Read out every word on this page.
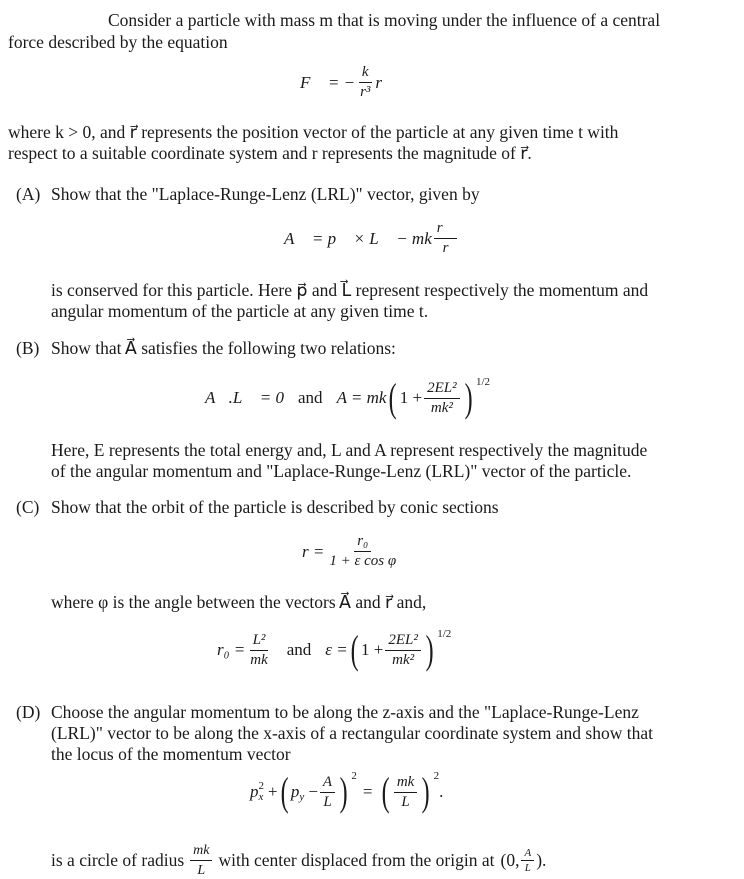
Consider a particle with mass m that is moving under the influence of a central
force described by the equation
F⃗ = − $\frac{k}{\text{r³}}$ r⃗
where k > 0, and r⃗ represents the position vector of the particle at any given time t with
respect to a suitable coordinate system and r represents the magnitude of r⃗.
(A) Show that the "Laplace-Runge-Lenz (LRL)" vector, given by
A⃗ = p⃗ × L⃗ − mk $\frac{r⃗}{r}$
is conserved for this particle. Here p⃗ and L⃗ represent respectively the momentum and
angular momentum of the particle at any given time t.
(B) Show that A⃗ satisfies the following two relations:
A⃗.L⃗ = 0 and A = mk ( $1 + \frac{\text{2EL²}}{\text{mk²}}$ ) 1/2
Here, E represents the total energy and, L and A represent respectively the magnitude
of the angular momentum and "Laplace-Runge-Lenz (LRL)" vector of the particle.
(C) Show that the orbit of the particle is described by conic sections
$r = \frac{\text{r₀}}{\text{1 + ε cos φ}}$
where φ is the angle between the vectors A⃗ and r⃗ and,
$r_0 = \frac{\text{L²}}{mk}$ and ε = ( $1 + \frac{\text{2EL²}}{\text{mk²}}$ ) 1/2
(D) Choose the angular momentum to be along the z-axis and the "Laplace-Runge-Lenz
(LRL)" vector to be along the x-axis of a rectangular coordinate system and show that
the locus of the momentum vector
p 2
x + ( p $y - \frac{A}{L}$ ) 2
= ( $\frac{mk}{L}$ ) 2
.
is a circle of radius $\frac{mk}{L}$ with center displaced from the origin at (0, $\frac{A}{L}$ ).
